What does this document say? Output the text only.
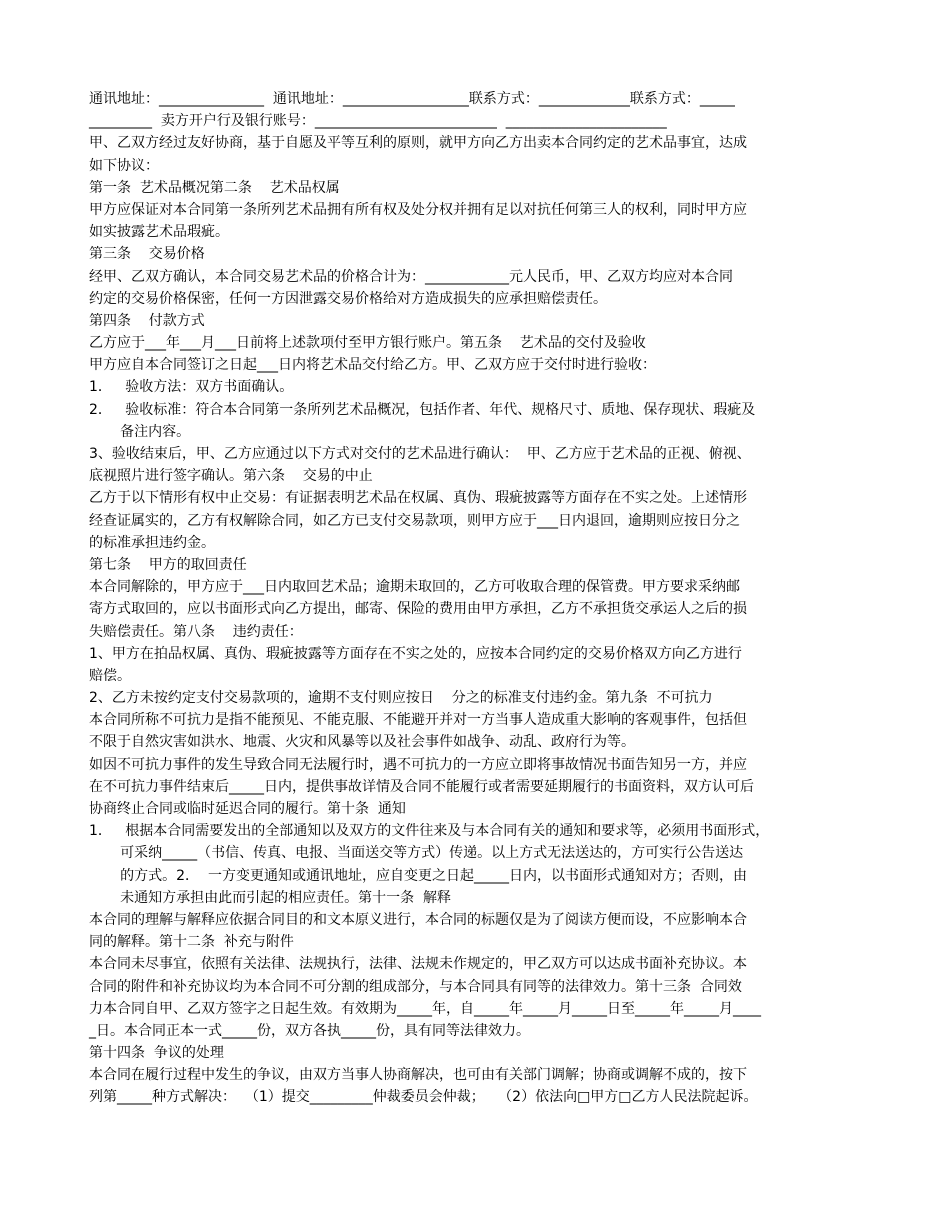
通讯地址：_______________  通讯地址：__________________联系方式：_____________联系方式：_____
_________  卖方开户行及银行账号：__________________________  _______________________
甲、乙双方经过友好协商，基于自愿及平等互利的原则，就甲方向乙方出卖本合同约定的艺术品事宜，达成
如下协议：
第一条  艺术品概况第二条    艺术品权属
甲方应保证对本合同第一条所列艺术品拥有所有权及处分权并拥有足以对抗任何第三人的权利，同时甲方应
如实披露艺术品瑕疵。
第三条    交易价格
经甲、乙双方确认，本合同交易艺术品的价格合计为：____________元人民币，甲、乙双方均应对本合同
约定的交易价格保密，任何一方因泄露交易价格给对方造成损失的应承担赔偿责任。
第四条    付款方式
乙方应于___年___月___日前将上述款项付至甲方银行账户。第五条    艺术品的交付及验收
甲方应自本合同签订之日起___日内将艺术品交付给乙方。甲、乙双方应于交付时进行验收：
1．   验收方法：双方书面确认。
2．   验收标准：符合本合同第一条所列艺术品概况，包括作者、年代、规格尺寸、质地、保存现状、瑕疵及
备注内容。
3、验收结束后，甲、乙方应通过以下方式对交付的艺术品进行确认：  甲、乙方应于艺术品的正视、俯视、
底视照片进行签字确认。第六条    交易的中止
乙方于以下情形有权中止交易：有证据表明艺术品在权属、真伪、瑕疵披露等方面存在不实之处。上述情形
经查证属实的，乙方有权解除合同，如乙方已支付交易款项，则甲方应于___日内退回，逾期则应按日分之
的标准承担违约金。
第七条    甲方的取回责任
本合同解除的，甲方应于___日内取回艺术品；逾期未取回的，乙方可收取合理的保管费。甲方要求采纳邮
寄方式取回的，应以书面形式向乙方提出，邮寄、保险的费用由甲方承担，乙方不承担货交承运人之后的损
失赔偿责任。第八条    违约责任：
1、甲方在拍品权属、真伪、瑕疵披露等方面存在不实之处的，应按本合同约定的交易价格双方向乙方进行
赔偿。
2、乙方未按约定支付交易款项的，逾期不支付则应按日    分之的标准支付违约金。第九条  不可抗力
本合同所称不可抗力是指不能预见、不能克服、不能避开并对一方当事人造成重大影响的客观事件，包括但
不限于自然灾害如洪水、地震、火灾和风暴等以及社会事件如战争、动乱、政府行为等。
如因不可抗力事件的发生导致合同无法履行时，遇不可抗力的一方应立即将事故情况书面告知另一方，并应
在不可抗力事件结束后_____日内，提供事故详情及合同不能履行或者需要延期履行的书面资料，双方认可后
协商终止合同或临时延迟合同的履行。第十条  通知
1．   根据本合同需要发出的全部通知以及双方的文件往来及与本合同有关的通知和要求等，必须用书面形式，
可采纳_____（书信、传真、电报、当面送交等方式）传递。以上方式无法送达的，方可实行公告送达
的方式。2．  一方变更通知或通讯地址，应自变更之日起_____日内，以书面形式通知对方；否则，由
未通知方承担由此而引起的相应责任。第十一条  解释
本合同的理解与解释应依据合同目的和文本原义进行，本合同的标题仅是为了阅读方便而设，不应影响本合
同的解释。第十二条  补充与附件
本合同未尽事宜，依照有关法律、法规执行，法律、法规未作规定的，甲乙双方可以达成书面补充协议。本
合同的附件和补充协议均为本合同不可分割的组成部分，与本合同具有同等的法律效力。第十三条  合同效
力本合同自甲、乙双方签字之日起生效。有效期为_____年，自_____年_____月_____日至_____年_____月____
_日。本合同正本一式_____份，双方各执_____份，具有同等法律效力。
第十四条  争议的处理
本合同在履行过程中发生的争议，由双方当事人协商解决，也可由有关部门调解；协商或调解不成的，按下
列第_____种方式解决：  （1）提交_________仲裁委员会仲裁；   （2）依法向□甲方□乙方人民法院起诉。
